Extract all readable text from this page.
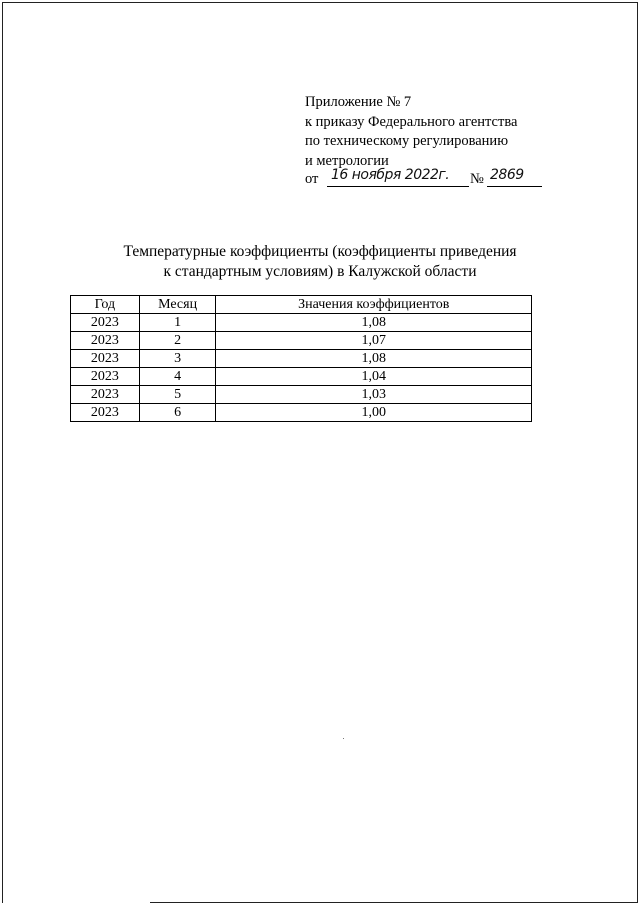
Приложение № 7
к приказу Федерального агентства
по техническому регулированию
и метрологии
от 16 ноября 2022г. № 2869
Температурные коэффициенты (коэффициенты приведения
к стандартным условиям) в Калужской области
Год	Месяц	Значения коэффициентов
2023	1	1,08
2023	2	1,07
2023	3	1,08
2023	4	1,04
2023	5	1,03
2023	6	1,00
